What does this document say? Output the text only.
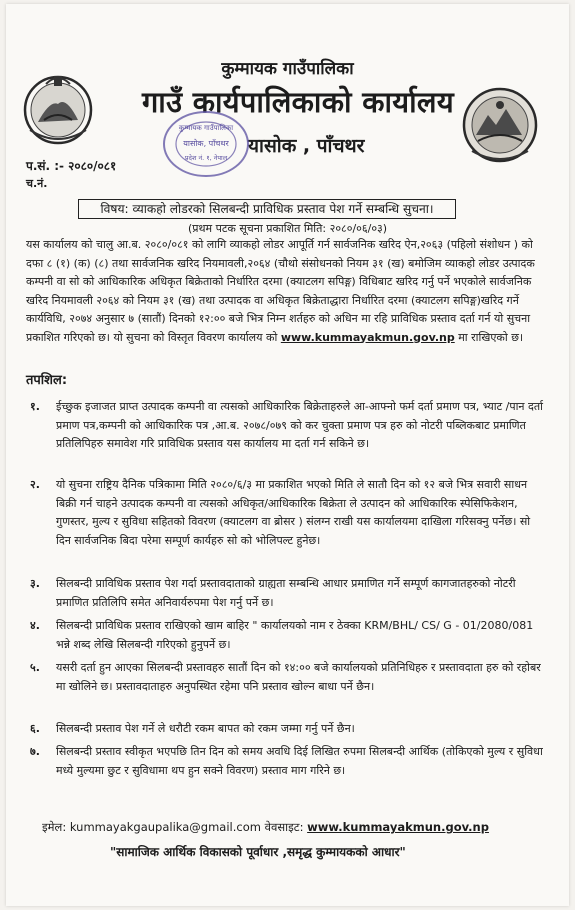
कुम्मायक गाउँपालिका
गाउँ कार्यपालिकाको कार्यालय
यासोक , पाँचथर
कुम्मायक गाउँपालिका
यासोक, पाँचथर
प्रदेश नं. १, नेपाल
प.सं. :- २०८०/०८१
च.नं.
विषय: व्याकहो लोडरको सिलबन्दी प्राविधिक प्रस्ताव पेश गर्ने सम्बन्धि सुचना।
(प्रथम पटक सूचना प्रकाशित मिति: २०८०/०६/०३)
यस कार्यालय को चालु आ.ब. २०८०/०८१ को लागि व्याकहो लोडर आपूर्ति गर्न सार्वजनिक खरिद ऐन,२०६३ (पहिलो संशोधन ) को दफा ८ (१) (क) (८) तथा सार्वजनिक खरिद नियमावली,२०६४ (चौथो संसोधनको नियम ३१ (ख) बमोजिम व्याकहो लोडर उत्पादक कम्पनी वा सो को आधिकारिक अधिकृत बिक्रेताको निर्धारित दरमा (क्याटलग सपिङ्ग) विधिबाट खरिद गर्नु पर्ने भएकोले सार्वजनिक खरिद नियमावली २०६४ को नियम ३१ (ख) तथा उत्पादक वा अधिकृत बिक्रेताद्धारा निर्धारित दरमा (क्याटलग सपिङ्ग)खरिद गर्ने कार्यविधि, २०७४ अनुसार ७ (सातौं) दिनको १२:०० बजे भित्र निम्न शर्तहरु को अधिन मा रहि प्राविधिक प्रस्ताव दर्ता गर्न यो सुचना प्रकाशित गरिएको छ। यो सुचना को विस्तृत विवरण कार्यालय को www.kummayakmun.gov.np मा राखिएको छ।
तपशिल:
१. ईच्छुक इजाजत प्राप्त उत्पादक कम्पनी वा त्यसको आधिकारिक बिक्रेताहरुले आ-आफ्नो फर्म दर्ता प्रमाण पत्र, भ्याट /पान दर्ता प्रमाण पत्र,कम्पनी को आधिकारिक पत्र ,आ.ब. २०७८/०७९ को कर चुक्ता प्रमाण पत्र हरु को नोटरी पब्लिकबाट प्रमाणित प्रतिलिपिहरु समावेश गरि प्राविधिक प्रस्ताव यस कार्यालय मा दर्ता गर्न सकिने छ।
२. यो सुचना राष्ट्रिय दैनिक पत्रिकामा मिति २०८०/६/३ मा प्रकाशित भएको मिति ले सातौ दिन को १२ बजे भित्र सवारी साधन बिक्री गर्न चाहने उत्पादक कम्पनी वा त्यसको अधिकृत/आधिकारिक बिक्रेता ले उत्पादन को आधिकारिक स्पेसिफिकेशन, गुणस्तर, मुल्य र सुविधा सहितको विवरण (क्याटलग वा ब्रोसर ) संलग्न राखी यस कार्यालयमा दाखिला गरिसक्नु पर्नेछ। सो दिन सार्वजनिक बिदा परेमा सम्पूर्ण कार्यहरु सो को भोलिपल्ट हुनेछ।
३. सिलबन्दी प्राविधिक प्रस्ताव पेश गर्दा प्रस्तावदाताको ग्राह्यता सम्बन्धि आधार प्रमाणित गर्ने सम्पूर्ण कागजातहरुको नोटरी प्रमाणित प्रतिलिपि समेत अनिवार्यरुपमा पेश गर्नु पर्ने छ।
४. सिलबन्दी प्राविधिक प्रस्ताव राखिएको खाम बाहिर " कार्यालयको नाम र ठेक्का KRM/BHL/ CS/ G - 01/2080/081 भन्ने शब्द लेखि सिलबन्दी गरिएको हुनुपर्ने छ।
५. यसरी दर्ता हुन आएका सिलबन्दी प्रस्तावहरु सातौं दिन को १४:०० बजे कार्यालयको प्रतिनिधिहरु र प्रस्तावदाता हरु को रहोबर मा खोलिने छ। प्रस्तावदाताहरु अनुपस्थित रहेमा पनि प्रस्ताव खोल्न बाधा पर्ने छैन।
६. सिलबन्दी प्रस्ताव पेश गर्ने ले धरौटी रकम बापत को रकम जम्मा गर्नु पर्ने छैन।
७. सिलबन्दी प्रस्ताव स्वीकृत भएपछि तिन दिन को समय अवधि दिई लिखित रुपमा सिलबन्दी आर्थिक (तोकिएको मुल्य र सुविधा मध्ये मुल्यमा छुट र सुविधामा थप हुन सक्ने विवरण) प्रस्ताव माग गरिने छ।
इमेल: kummayakgaupalika@gmail.com वेवसाइट: www.kummayakmun.gov.np
"सामाजिक आर्थिक विकासको पूर्वाधार ,समृद्ध कुम्मायकको आधार"
